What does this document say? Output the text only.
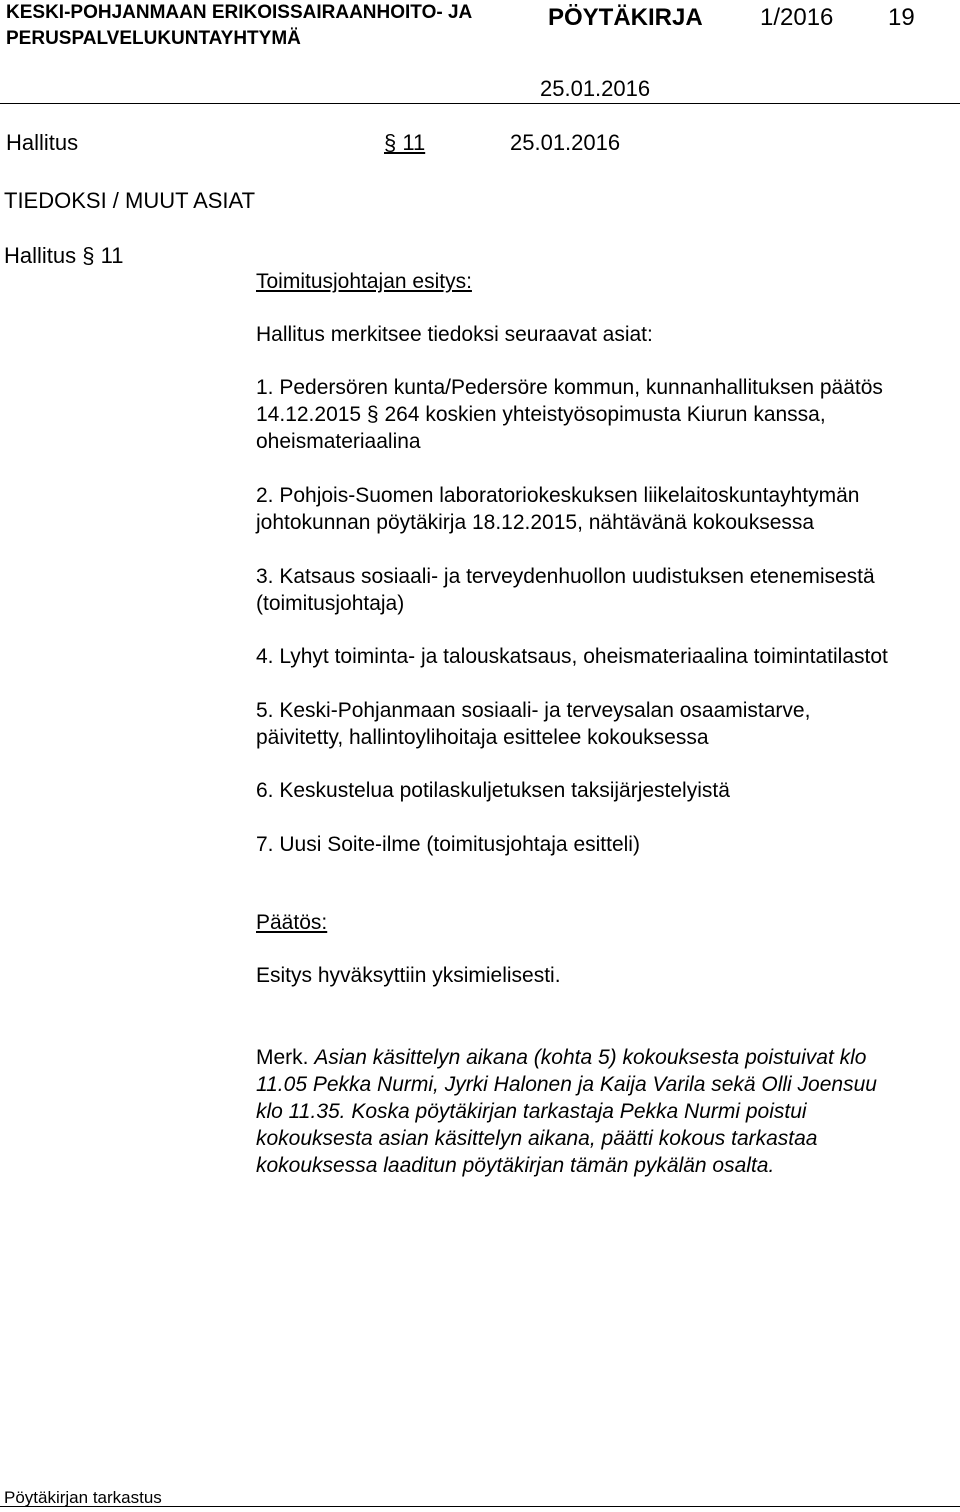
KESKI-POHJANMAAN ERIKOISSAIRAANHOITO- JA
PERUSPALVELUKUNTAYHTYMÄ
PÖYTÄKIRJA 1/2016 19
25.01.2016
Hallitus	§ 11	25.01.2016
TIEDOKSI / MUUT ASIAT
Hallitus § 11
Toimitusjohtajan esitys:
Hallitus merkitsee tiedoksi seuraavat asiat:
1. Pedersören kunta/Pedersöre kommun, kunnanhallituksen päätös
14.12.2015 § 264 koskien yhteistyösopimusta Kiurun kanssa,
oheismateriaalina
2. Pohjois-Suomen laboratoriokeskuksen liikelaitoskuntayhtymän
johtokunnan pöytäkirja 18.12.2015, nähtävänä kokouksessa
3. Katsaus sosiaali- ja terveydenhuollon uudistuksen etenemisestä
(toimitusjohtaja)
4. Lyhyt toiminta- ja talouskatsaus, oheismateriaalina toimintatilastot
5. Keski-Pohjanmaan sosiaali- ja terveysalan osaamistarve,
päivitetty, hallintoylihoitaja esittelee kokouksessa
6. Keskustelua potilaskuljetuksen taksijärjestelyistä
7. Uusi Soite-ilme (toimitusjohtaja esitteli)
Päätös:
Esitys hyväksyttiin yksimielisesti.
Merk. Asian käsittelyn aikana (kohta 5) kokouksesta poistuivat klo
11.05 Pekka Nurmi, Jyrki Halonen ja Kaija Varila sekä Olli Joensuu
klo 11.35. Koska pöytäkirjan tarkastaja Pekka Nurmi poistui
kokouksesta asian käsittelyn aikana, päätti kokous tarkastaa
kokouksessa laaditun pöytäkirjan tämän pykälän osalta.
Pöytäkirjan tarkastus
